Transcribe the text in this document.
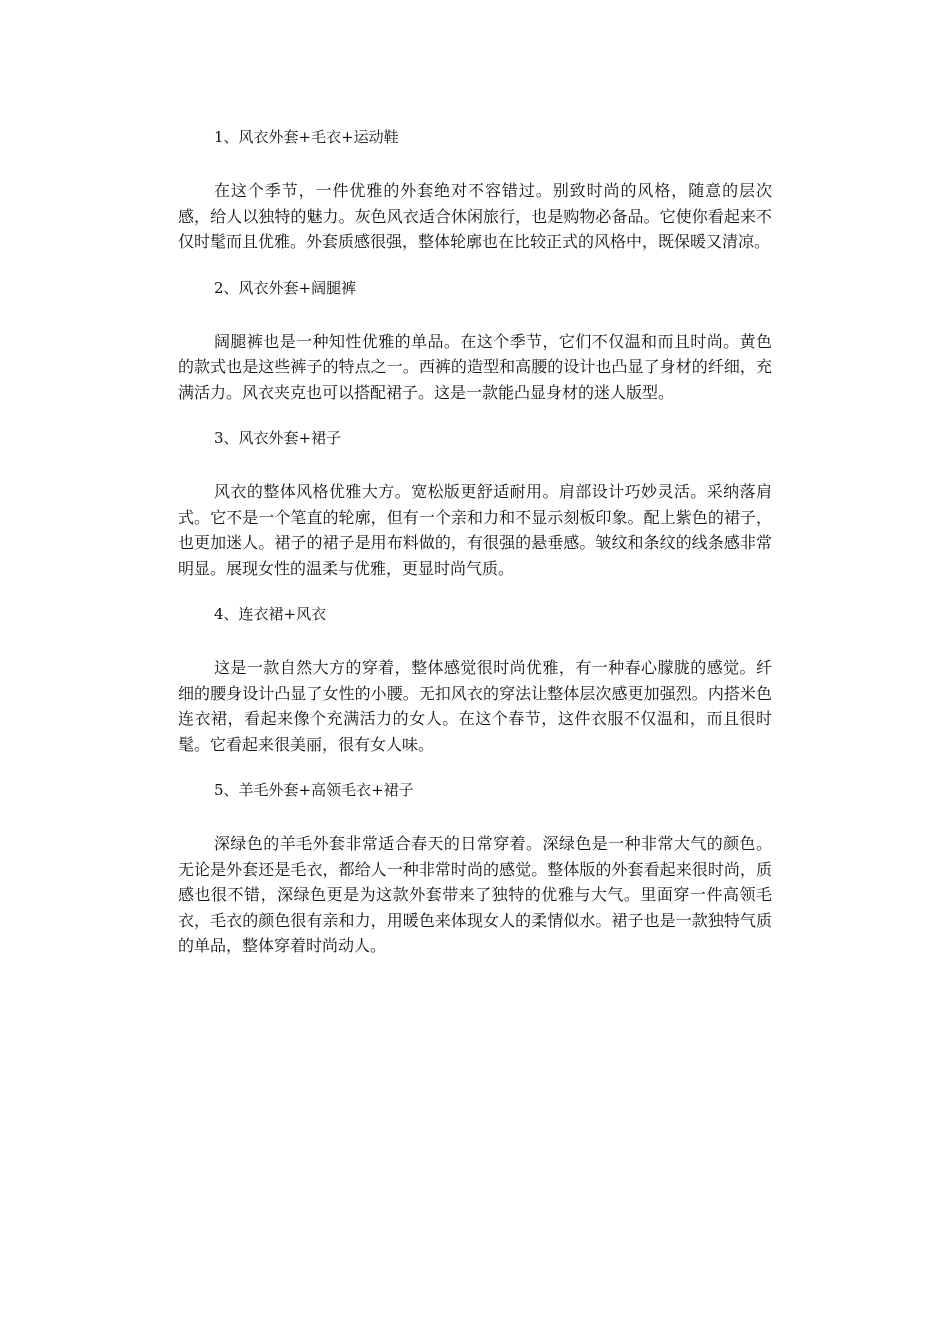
1、风衣外套+毛衣+运动鞋

在这个季节，一件优雅的外套绝对不容错过。别致时尚的风格，随意的层次感，给人以独特的魅力。灰色风衣适合休闲旅行，也是购物必备品。它使你看起来不仅时髦而且优雅。外套质感很强，整体轮廓也在比较正式的风格中，既保暖又清凉。

2、风衣外套+阔腿裤

阔腿裤也是一种知性优雅的单品。在这个季节，它们不仅温和而且时尚。黄色的款式也是这些裤子的特点之一。西裤的造型和高腰的设计也凸显了身材的纤细，充满活力。风衣夹克也可以搭配裙子。这是一款能凸显身材的迷人版型。

3、风衣外套+裙子

风衣的整体风格优雅大方。宽松版更舒适耐用。肩部设计巧妙灵活。采纳落肩式。它不是一个笔直的轮廓，但有一个亲和力和不显示刻板印象。配上紫色的裙子，也更加迷人。裙子的裙子是用布料做的，有很强的悬垂感。皱纹和条纹的线条感非常明显。展现女性的温柔与优雅，更显时尚气质。

4、连衣裙+风衣

这是一款自然大方的穿着，整体感觉很时尚优雅，有一种春心朦胧的感觉。纤细的腰身设计凸显了女性的小腰。无扣风衣的穿法让整体层次感更加强烈。内搭米色连衣裙，看起来像个充满活力的女人。在这个春节，这件衣服不仅温和，而且很时髦。它看起来很美丽，很有女人味。

5、羊毛外套+高领毛衣+裙子

深绿色的羊毛外套非常适合春天的日常穿着。深绿色是一种非常大气的颜色。无论是外套还是毛衣，都给人一种非常时尚的感觉。整体版的外套看起来很时尚，质感也很不错，深绿色更是为这款外套带来了独特的优雅与大气。里面穿一件高领毛衣，毛衣的颜色很有亲和力，用暖色来体现女人的柔情似水。裙子也是一款独特气质的单品，整体穿着时尚动人。
